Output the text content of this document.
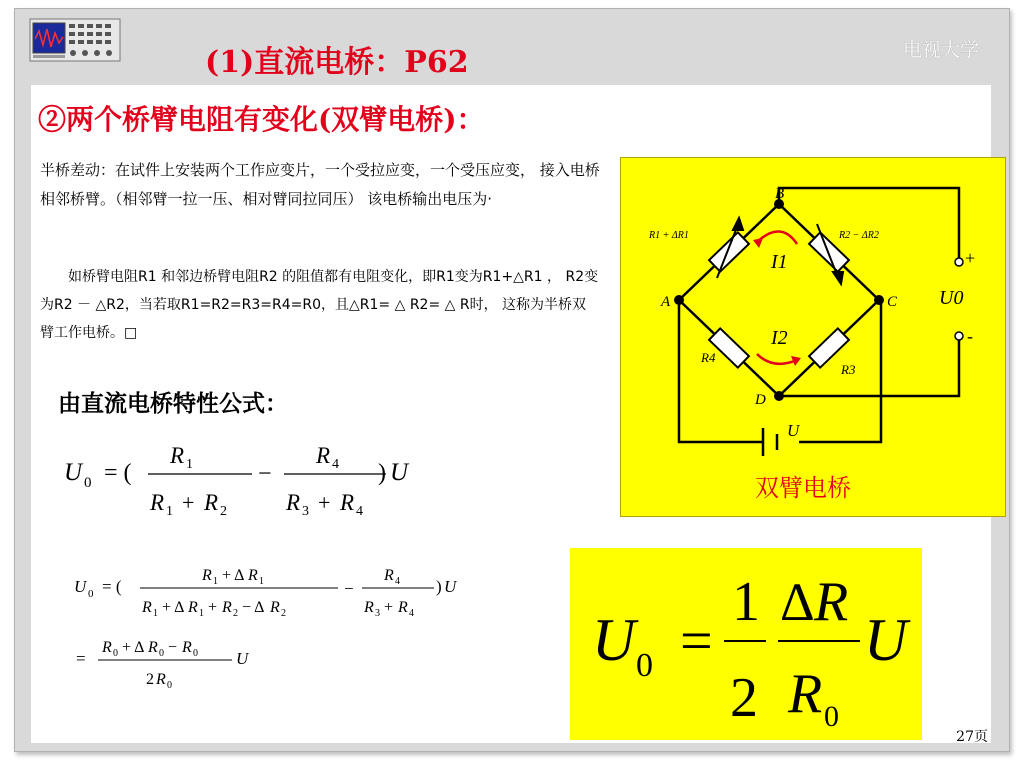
(1)直流电桥：P62	电视大学
②两个桥臂电阻有变化(双臂电桥)：
半桥差动：在试件上安装两个工作应变片，一个受拉应变，一个受压应变， 接入电桥相邻桥臂。（相邻臂一拉一压、相对臂同拉同压） 该电桥输出电压为·
　　如桥臂电阻R1 和邻边桥臂电阻R2 的阻值都有电阻变化，即R1变为R1+△R1 ， R2变为R2 － △R2，当若取R1=R2=R3=R4=R0，且△R1= △ R2= △ R时， 这称为半桥双臂工作电桥。□
由直流电桥特性公式：
U 0 = (
R 1
R 1 + R 2
−
R 4
R 3 + R 4
) U
U 0 = (
R 1 + Δ R 1
R 1 + Δ R 1 + R 2 − Δ R 2
−
R 4
R 3 + R 4
) U
=
R 0 + Δ R 0 − R 0
2 R 0
U
B
A	C
D
R1 + ΔR1	R2 − ΔR2
R4
R3
I1
I2
U0
+
-
U
双臂电桥
U 0 =
1
2
Δ R
R 0
U
27页
